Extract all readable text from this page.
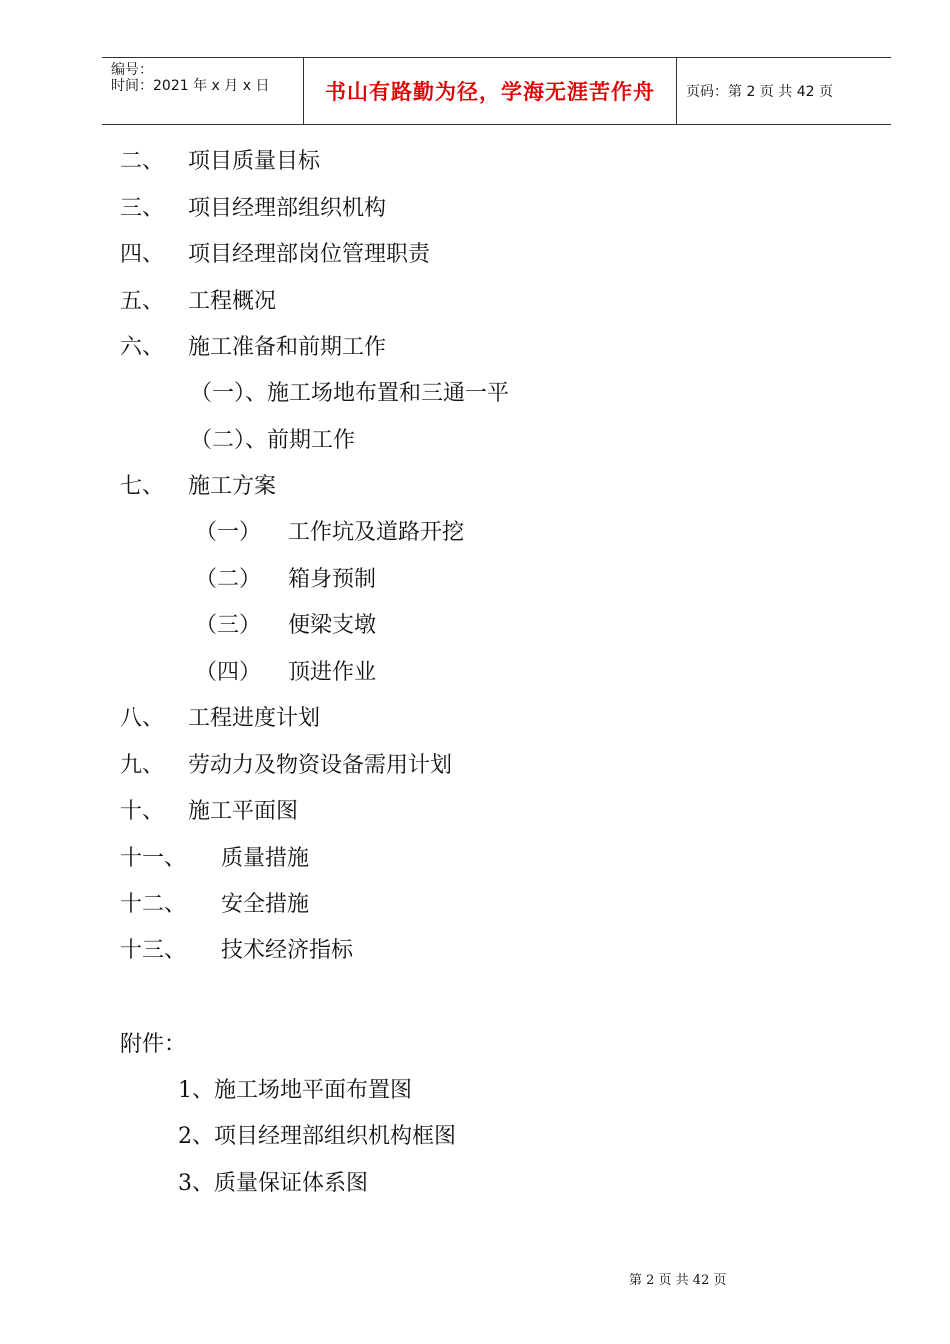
编号：
时间：2021 年 x 月 x 日	书山有路勤为径，学海无涯苦作舟	页码：第 2 页 共 42 页
二、 项目质量目标
三、 项目经理部组织机构
四、 项目经理部岗位管理职责
五、 工程概况
六、 施工准备和前期工作
（一）、施工场地布置和三通一平
（二）、前期工作
七、 施工方案
（一） 工作坑及道路开挖
（二） 箱身预制
（三） 便梁支墩
（四） 顶进作业
八、 工程进度计划
九、 劳动力及物资设备需用计划
十、 施工平面图
十一、 质量措施
十二、 安全措施
十三、 技术经济指标
附件：
1、施工场地平面布置图
2、项目经理部组织机构框图
3、质量保证体系图
第 2 页 共 42 页
